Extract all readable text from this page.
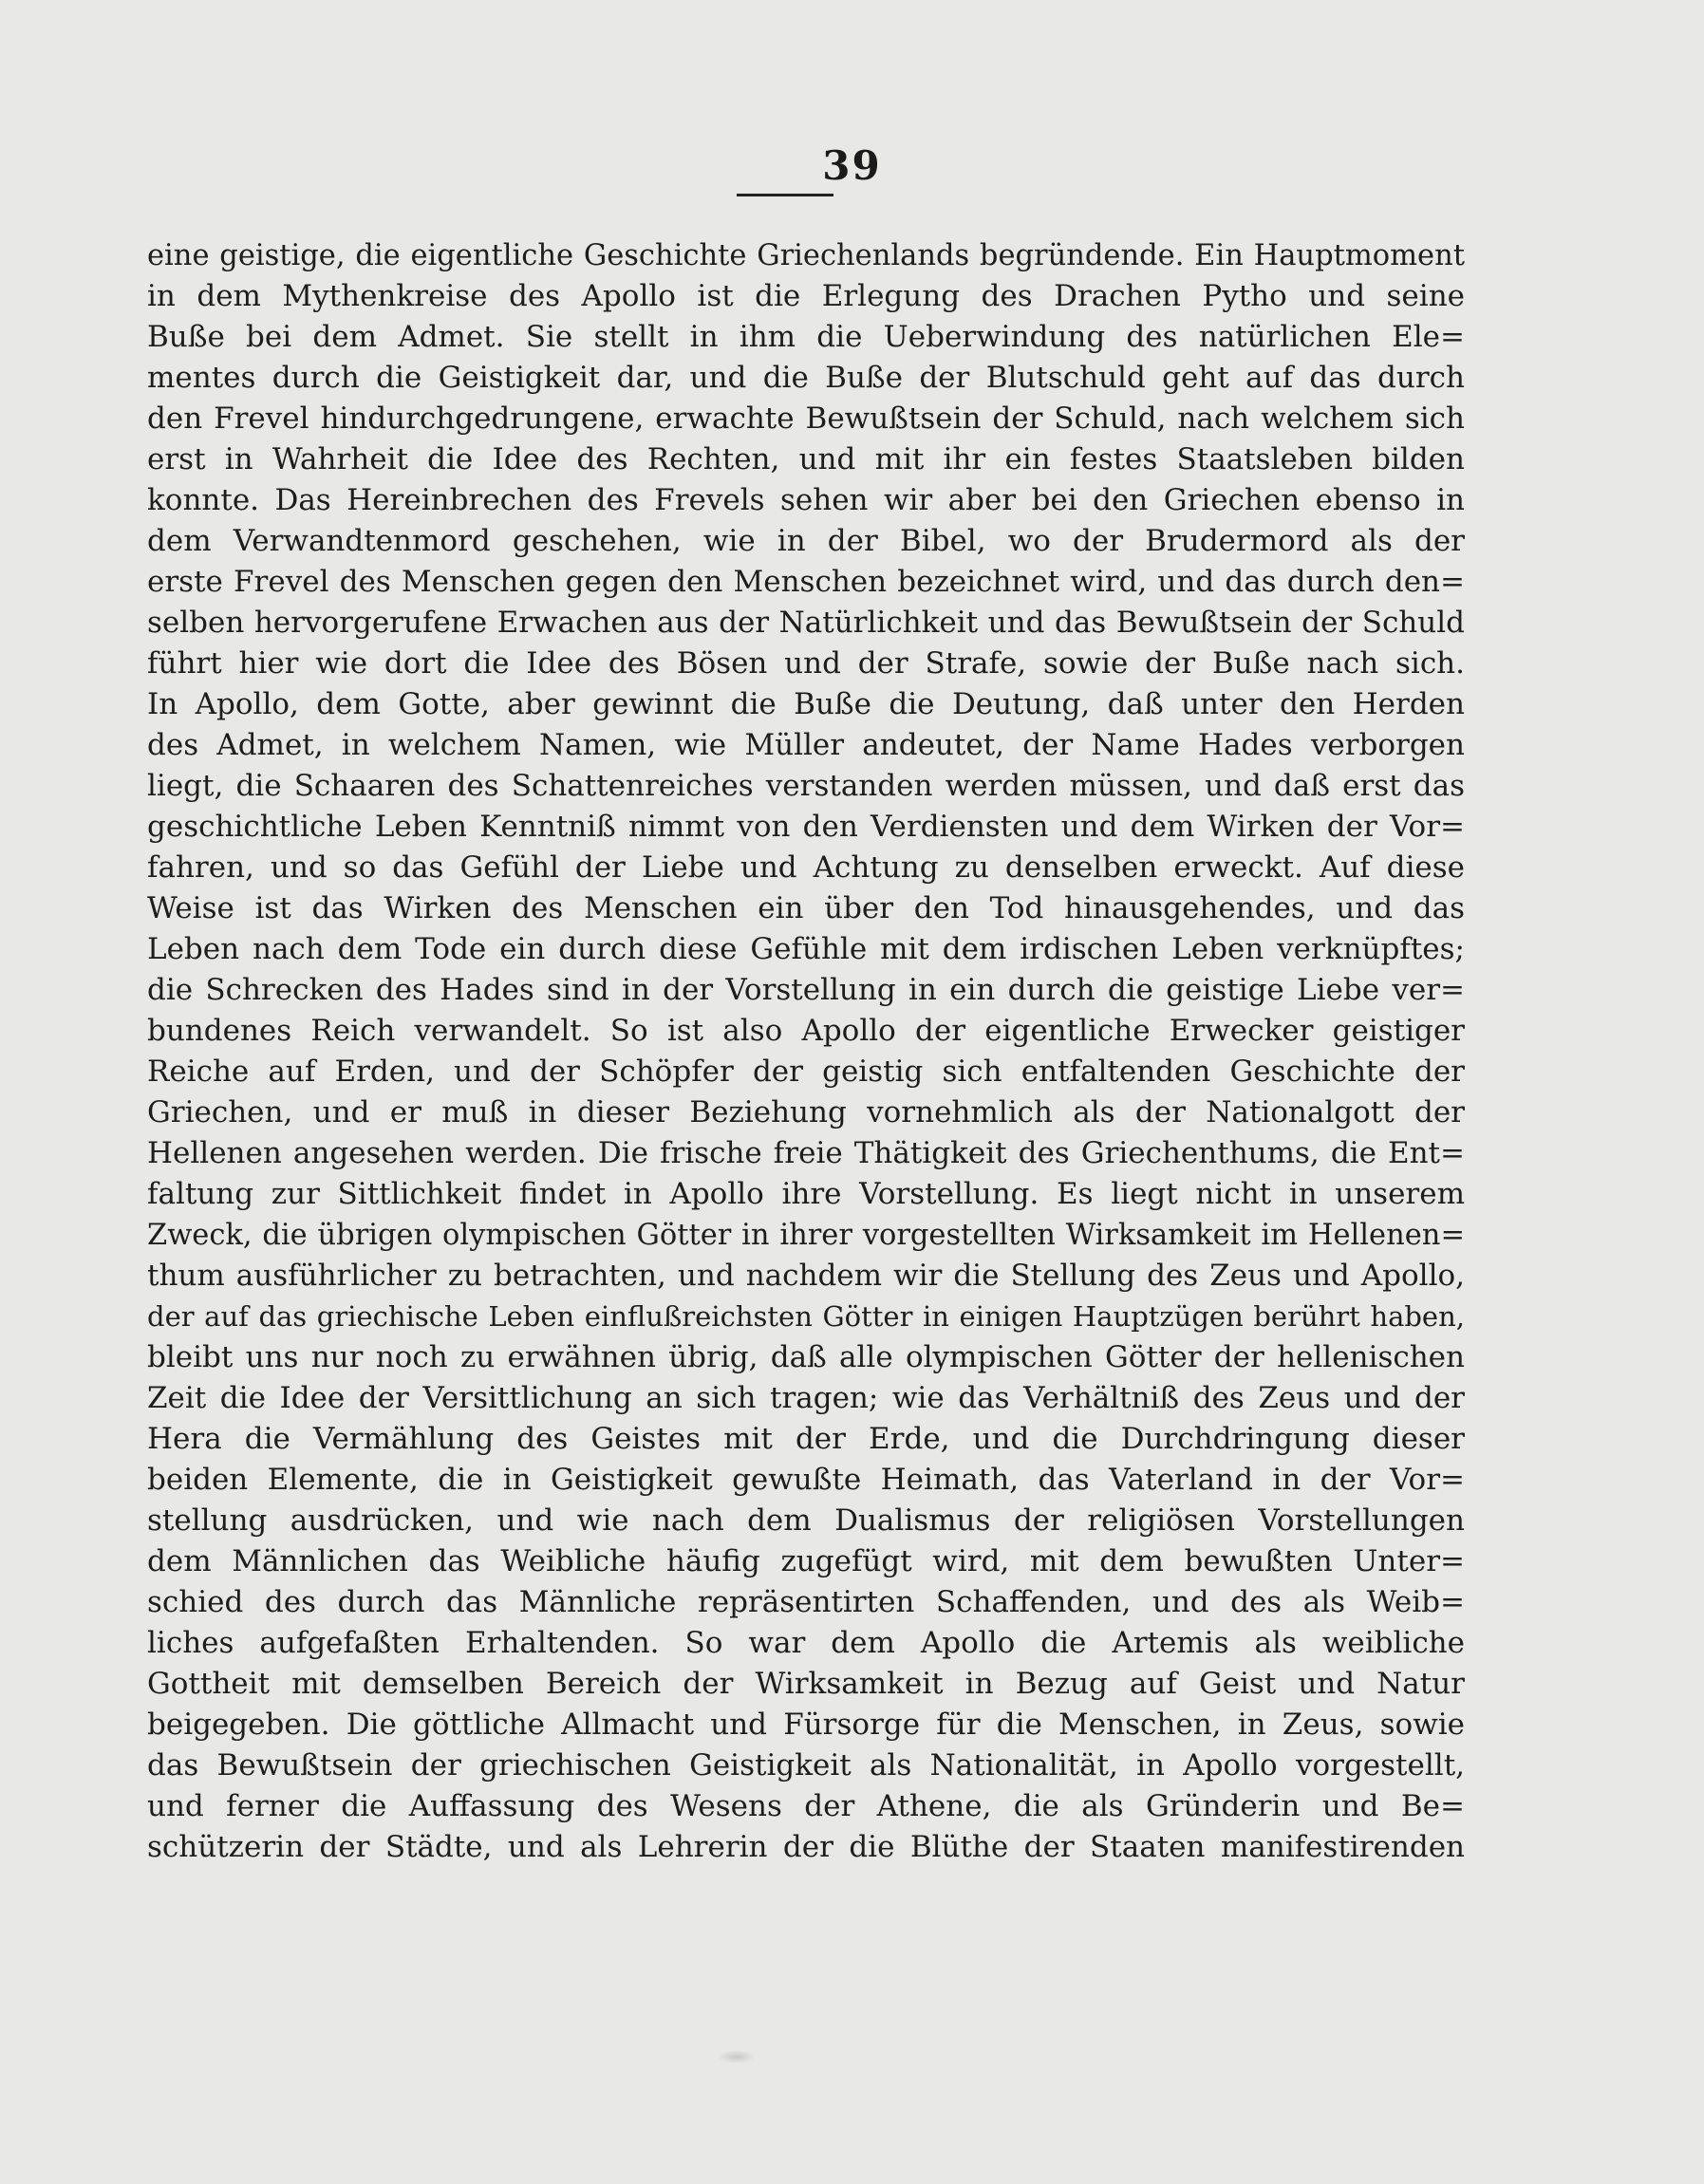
39
eine geistige, die eigentliche Geschichte Griechenlands begründende. Ein Hauptmoment
in dem Mythenkreise des Apollo ist die Erlegung des Drachen Pytho und seine
Buße bei dem Admet. Sie stellt in ihm die Ueberwindung des natürlichen Ele=
mentes durch die Geistigkeit dar, und die Buße der Blutschuld geht auf das durch
den Frevel hindurchgedrungene, erwachte Bewußtsein der Schuld, nach welchem sich
erst in Wahrheit die Idee des Rechten, und mit ihr ein festes Staatsleben bilden
konnte. Das Hereinbrechen des Frevels sehen wir aber bei den Griechen ebenso in
dem Verwandtenmord geschehen, wie in der Bibel, wo der Brudermord als der
erste Frevel des Menschen gegen den Menschen bezeichnet wird, und das durch den=
selben hervorgerufene Erwachen aus der Natürlichkeit und das Bewußtsein der Schuld
führt hier wie dort die Idee des Bösen und der Strafe, sowie der Buße nach sich.
In Apollo, dem Gotte, aber gewinnt die Buße die Deutung, daß unter den Herden
des Admet, in welchem Namen, wie Müller andeutet, der Name Hades verborgen
liegt, die Schaaren des Schattenreiches verstanden werden müssen, und daß erst das
geschichtliche Leben Kenntniß nimmt von den Verdiensten und dem Wirken der Vor=
fahren, und so das Gefühl der Liebe und Achtung zu denselben erweckt. Auf diese
Weise ist das Wirken des Menschen ein über den Tod hinausgehendes, und das
Leben nach dem Tode ein durch diese Gefühle mit dem irdischen Leben verknüpftes;
die Schrecken des Hades sind in der Vorstellung in ein durch die geistige Liebe ver=
bundenes Reich verwandelt. So ist also Apollo der eigentliche Erwecker geistiger
Reiche auf Erden, und der Schöpfer der geistig sich entfaltenden Geschichte der
Griechen, und er muß in dieser Beziehung vornehmlich als der Nationalgott der
Hellenen angesehen werden. Die frische freie Thätigkeit des Griechenthums, die Ent=
faltung zur Sittlichkeit findet in Apollo ihre Vorstellung. Es liegt nicht in unserem
Zweck, die übrigen olympischen Götter in ihrer vorgestellten Wirksamkeit im Hellenen=
thum ausführlicher zu betrachten, und nachdem wir die Stellung des Zeus und Apollo,
der auf das griechische Leben einflußreichsten Götter in einigen Hauptzügen berührt haben,
bleibt uns nur noch zu erwähnen übrig, daß alle olympischen Götter der hellenischen
Zeit die Idee der Versittlichung an sich tragen; wie das Verhältniß des Zeus und der
Hera die Vermählung des Geistes mit der Erde, und die Durchdringung dieser
beiden Elemente, die in Geistigkeit gewußte Heimath, das Vaterland in der Vor=
stellung ausdrücken, und wie nach dem Dualismus der religiösen Vorstellungen
dem Männlichen das Weibliche häufig zugefügt wird, mit dem bewußten Unter=
schied des durch das Männliche repräsentirten Schaffenden, und des als Weib=
liches aufgefaßten Erhaltenden. So war dem Apollo die Artemis als weibliche
Gottheit mit demselben Bereich der Wirksamkeit in Bezug auf Geist und Natur
beigegeben. Die göttliche Allmacht und Fürsorge für die Menschen, in Zeus, sowie
das Bewußtsein der griechischen Geistigkeit als Nationalität, in Apollo vorgestellt,
und ferner die Auffassung des Wesens der Athene, die als Gründerin und Be=
schützerin der Städte, und als Lehrerin der die Blüthe der Staaten manifestirenden
